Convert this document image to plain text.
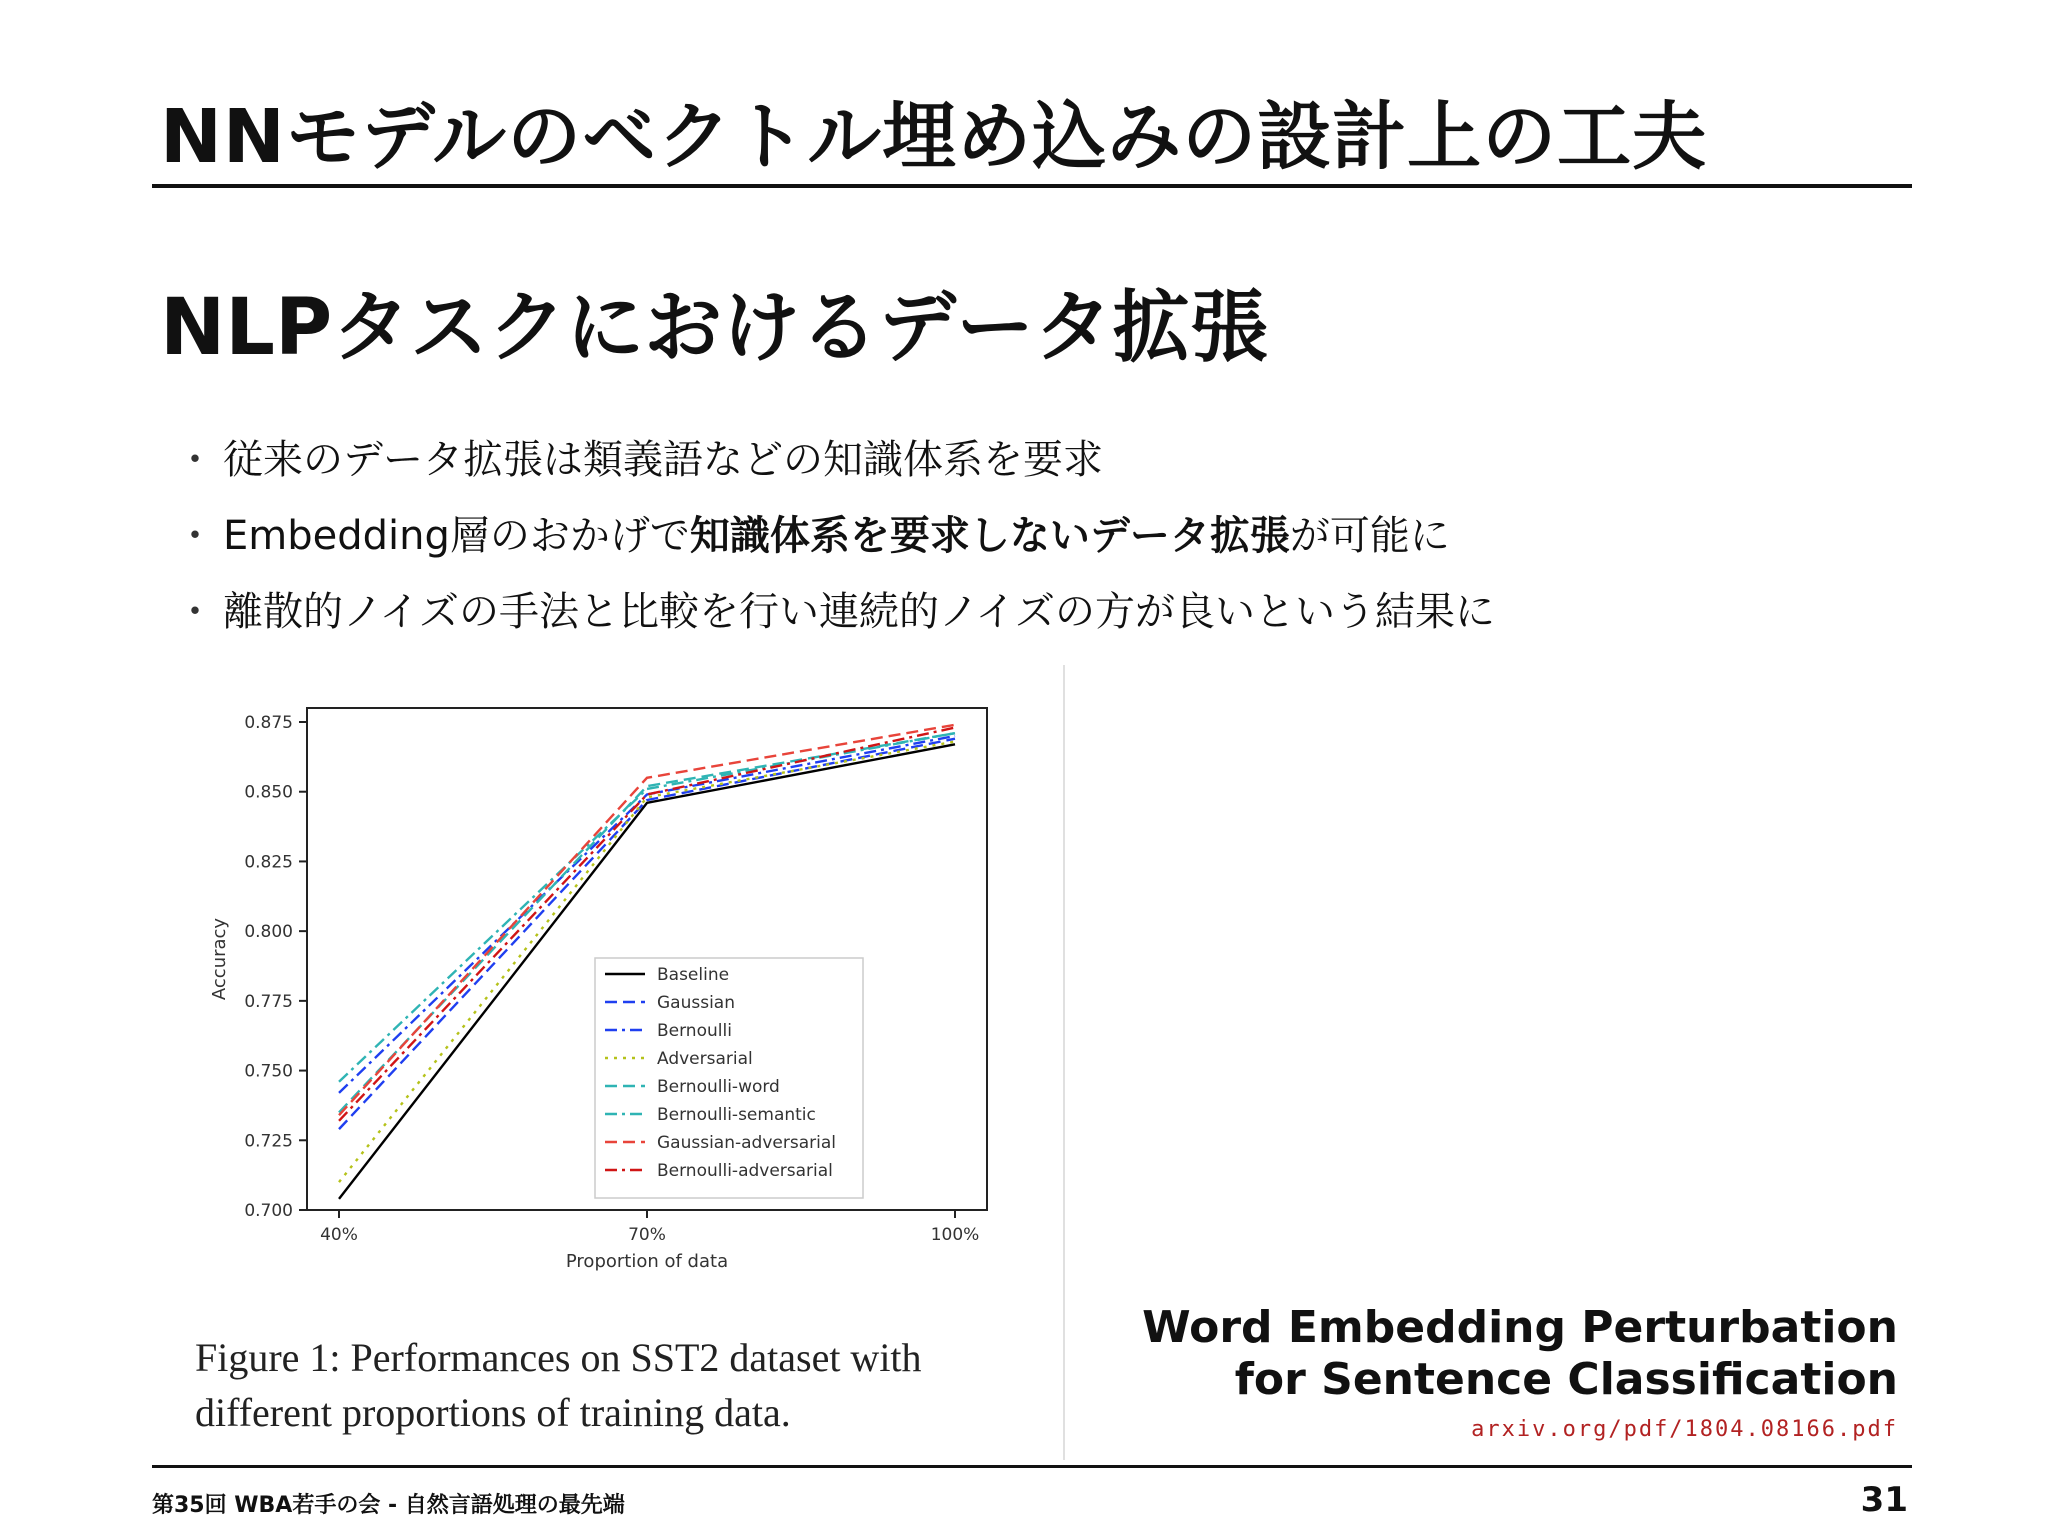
NNモデルのベクトル埋め込みの設計上の工夫
NLPタスクにおけるデータ拡張
・ 従来のデータ拡張は類義語などの知識体系を要求
・ Embedding層のおかげで知識体系を要求しないデータ拡張が可能に
・ 離散的ノイズの手法と比較を行い連続的ノイズの方が良いという結果に
0.700
0.725
0.750
0.775
0.800
0.825
0.850
0.875
40%	70%	100%
Proportion of data
Accuracy	Baseline
Gaussian
Bernoulli
Adversarial
Bernoulli-word
Bernoulli-semantic
Gaussian-adversarial
Bernoulli-adversarial
Figure 1: Performances on SST2 dataset with different proportions of training data.
Word Embedding Perturbation
for Sentence Classification
arxiv.org/pdf/1804.08166.pdf
第35回 WBA若手の会 - 自然言語処理の最先端	31
